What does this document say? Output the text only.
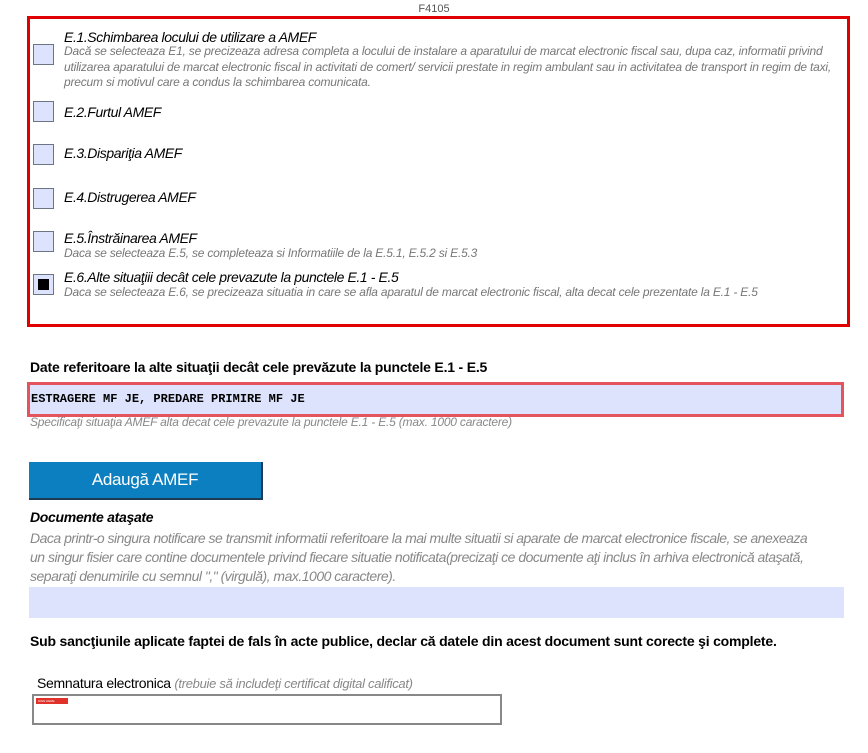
F4105
E.1.Schimbarea locului de utilizare a AMEF
Dacă se selecteaza E1, se precizeaza adresa completa a locului de instalare a aparatului de marcat electronic fiscal sau, dupa caz, informatii privind utilizarea aparatului de marcat electronic fiscal in activitati de comert/ servicii prestate in regim ambulant sau in activitatea de transport in regim de taxi, precum si motivul care a condus la schimbarea comunicata.
E.2.Furtul AMEF
E.3.Dispariţia AMEF
E.4.Distrugerea AMEF
E.5.Înstrăinarea AMEF
Daca se selecteaza E.5, se completeaza si Informatiile de la E.5.1, E.5.2 si E.5.3
E.6.Alte situaţiii decât cele prevazute la punctele E.1 - E.5
Daca se selecteaza E.6, se precizeaza situatia in care se afla aparatul de marcat electronic fiscal, alta decat cele prezentate la E.1 - E.5
Date referitoare la alte situaţii decât cele prevăzute la punctele E.1 - E.5
ESTRAGERE MF JE, PREDARE PRIMIRE MF JE
Specificaţi situaţia AMEF alta decat cele prevazute la punctele E.1 - E.5 (max. 1000 caractere)
Adaugă AMEF
Documente ataşate
Daca printr-o singura notificare se transmit informatii referitoare la mai multe situatii si aparate de marcat electronice fiscale, se anexeaza un singur fisier care contine documentele privind fiecare situatie notificata(precizaţi ce documente aţi inclus în arhiva electronică ataşată, separaţi denumirile cu semnul "," (virgulă), max.1000 caractere).
Sub sancţiunile aplicate faptei de fals în acte publice, declar că datele din acest document sunt corecte şi complete.
Semnatura electronica (trebuie să includeţi certificat digital calificat)
SIGN HERE
